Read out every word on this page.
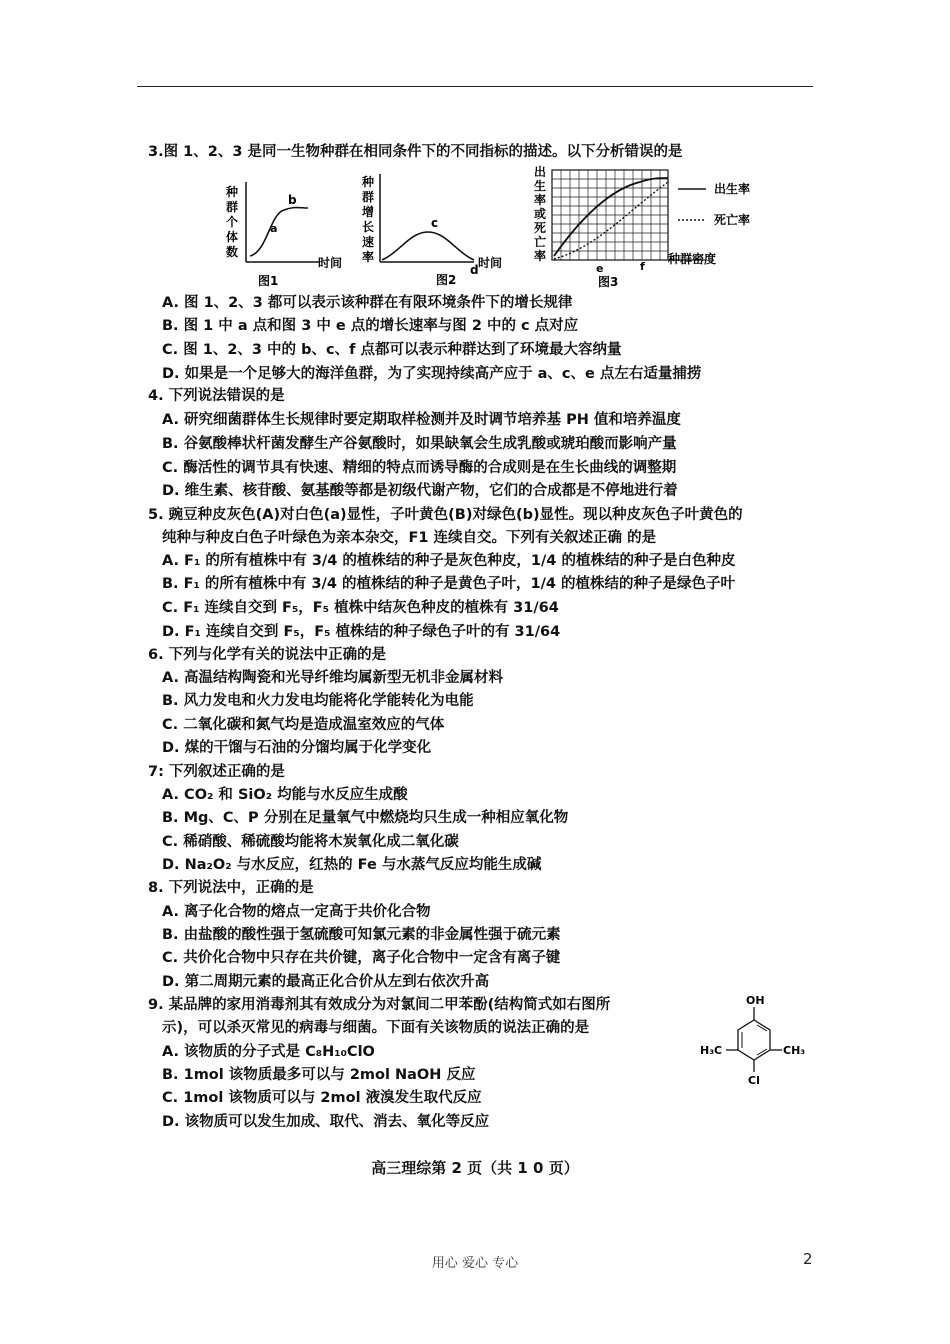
3.图 1、2、3 是同一生物种群在相同条件下的不同指标的描述。以下分析错误的是
种
群
个
体
数
a
b
时间
图1
种
群
增
长
速
率
c
d 时间
图2
出
生
率
或
死
亡
率
e	f
种群密度
图3
出生率
死亡率
A. 图 1、2、3 都可以表示该种群在有限环境条件下的增长规律
B. 图 1 中 a 点和图 3 中 e 点的增长速率与图 2 中的 c 点对应
C. 图 1、2、3 中的 b、c、f 点都可以表示种群达到了环境最大容纳量
D. 如果是一个足够大的海洋鱼群，为了实现持续高产应于 a、c、e 点左右适量捕捞
4. 下列说法错误的是
A. 研究细菌群体生长规律时要定期取样检测并及时调节培养基 PH 值和培养温度
B. 谷氨酸棒状杆菌发酵生产谷氨酸时，如果缺氧会生成乳酸或琥珀酸而影响产量
C. 酶活性的调节具有快速、精细的特点而诱导酶的合成则是在生长曲线的调整期
D. 维生素、核苷酸、氨基酸等都是初级代谢产物，它们的合成都是不停地进行着
5. 豌豆种皮灰色(A)对白色(a)显性，子叶黄色(B)对绿色(b)显性。现以种皮灰色子叶黄色的
纯种与种皮白色子叶绿色为亲本杂交，F1 连续自交。下列有关叙述正确 的是
A. F₁ 的所有植株中有 3/4 的植株结的种子是灰色种皮，1/4 的植株结的种子是白色种皮
B. F₁ 的所有植株中有 3/4 的植株结的种子是黄色子叶，1/4 的植株结的种子是绿色子叶
C. F₁ 连续自交到 F₅，F₅ 植株中结灰色种皮的植株有 31/64
D. F₁ 连续自交到 F₅，F₅ 植株结的种子绿色子叶的有 31/64
6. 下列与化学有关的说法中正确的是
A. 高温结构陶瓷和光导纤维均属新型无机非金属材料
B. 风力发电和火力发电均能将化学能转化为电能
C. 二氧化碳和氮气均是造成温室效应的气体
D. 煤的干馏与石油的分馏均属于化学变化
7: 下列叙述正确的是
A. CO₂ 和 SiO₂ 均能与水反应生成酸
B. Mg、C、P 分别在足量氧气中燃烧均只生成一种相应氧化物
C. 稀硝酸、稀硫酸均能将木炭氧化成二氧化碳
D. Na₂O₂ 与水反应，红热的 Fe 与水蒸气反应均能生成碱
8. 下列说法中，正确的是
A. 离子化合物的熔点一定高于共价化合物
B. 由盐酸的酸性强于氢硫酸可知氯元素的非金属性强于硫元素
C. 共价化合物中只存在共价键，离子化合物中一定含有离子键
D. 第二周期元素的最高正化合价从左到右依次升高
9. 某品牌的家用消毒剂其有效成分为对氯间二甲苯酚(结构简式如右图所
示)，可以杀灭常见的病毒与细菌。下面有关该物质的说法正确的是
A. 该物质的分子式是 C₈H₁₀ClO
B. 1mol 该物质最多可以与 2mol NaOH 反应
C. 1mol 该物质可以与 2mol 液溴发生取代反应
D. 该物质可以发生加成、取代、消去、氧化等反应
OH
H₃C	CH₃
Cl
高三理综第 2 页（共 1 0 页）
用心 爱心 专心	2
